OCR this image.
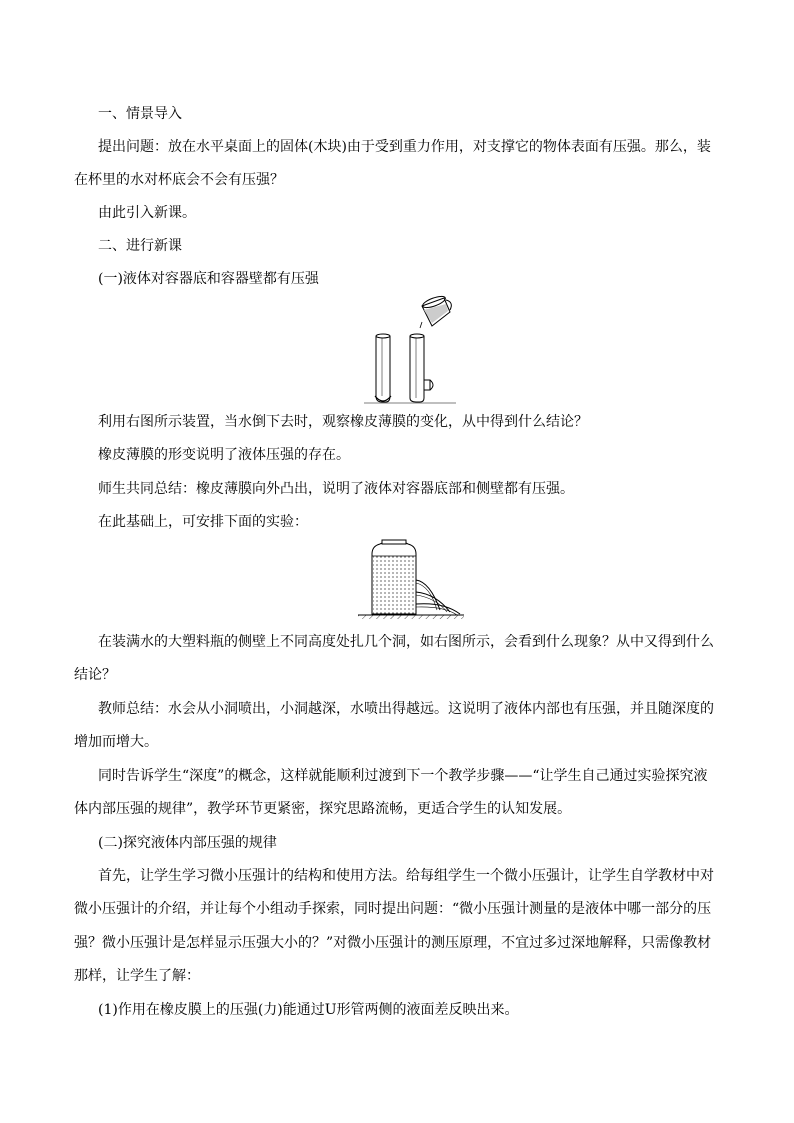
一、情景导入
提出问题：放在水平桌面上的固体(木块)由于受到重力作用，对支撑它的物体表面有压强。那么，装
在杯里的水对杯底会不会有压强？
由此引入新课。
二、进行新课
(一)液体对容器底和容器壁都有压强
利用右图所示装置，当水倒下去时，观察橡皮薄膜的变化，从中得到什么结论？
橡皮薄膜的形变说明了液体压强的存在。
师生共同总结：橡皮薄膜向外凸出，说明了液体对容器底部和侧壁都有压强。
在此基础上，可安排下面的实验：
在装满水的大塑料瓶的侧壁上不同高度处扎几个洞，如右图所示，会看到什么现象？从中又得到什么
结论？
教师总结：水会从小洞喷出，小洞越深，水喷出得越远。这说明了液体内部也有压强，并且随深度的
增加而增大。
同时告诉学生“深度”的概念，这样就能顺利过渡到下一个教学步骤——“让学生自己通过实验探究液
体内部压强的规律”，教学环节更紧密，探究思路流畅，更适合学生的认知发展。
(二)探究液体内部压强的规律
首先，让学生学习微小压强计的结构和使用方法。给每组学生一个微小压强计，让学生自学教材中对
微小压强计的介绍，并让每个小组动手探索，同时提出问题：“微小压强计测量的是液体中哪一部分的压
强？微小压强计是怎样显示压强大小的？”对微小压强计的测压原理，不宜过多过深地解释，只需像教材
那样，让学生了解：
(1)作用在橡皮膜上的压强(力)能通过U形管两侧的液面差反映出来。
